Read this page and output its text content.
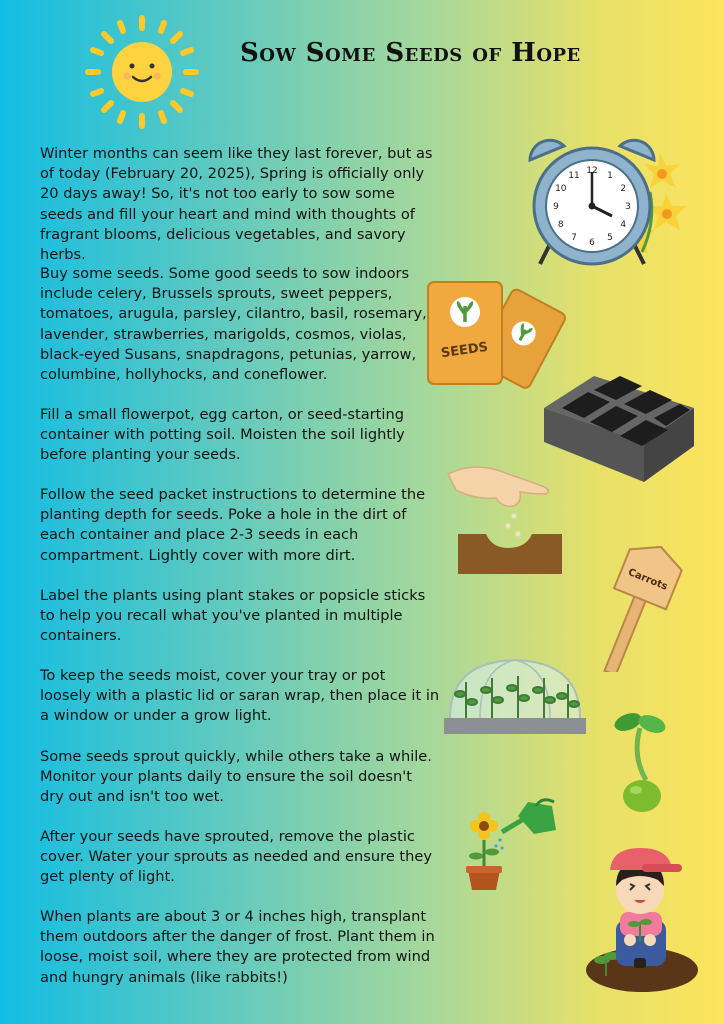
Sow Some Seeds of Hope

Winter months can seem like they last forever, but as of today (February 20, 2025), Spring is officially only 20 days away! So, it's not too early to sow some seeds and fill your heart and mind with thoughts of fragrant blooms, delicious vegetables, and savory herbs.

Buy some seeds. Some good seeds to sow indoors include celery, Brussels sprouts, sweet peppers, tomatoes, arugula, parsley, cilantro, basil, rosemary, lavender, strawberries, marigolds, cosmos, violas, black-eyed Susans, snapdragons, petunias, yarrow, columbine, hollyhocks, and coneflower.

Fill a small flowerpot, egg carton, or seed-starting container with potting soil. Moisten the soil lightly before planting your seeds.

Follow the seed packet instructions to determine the planting depth for seeds. Poke a hole in the dirt of each container and place 2-3 seeds in each compartment. Lightly cover with more dirt.

Label the plants using plant stakes or popsicle sticks to help you recall what you've planted in multiple containers.

To keep the seeds moist, cover your tray or pot loosely with a plastic lid or saran wrap, then place it in a window or under a grow light.

Some seeds sprout quickly, while others take a while. Monitor your plants daily to ensure the soil doesn't dry out and isn't too wet.

After your seeds have sprouted, remove the plastic cover. Water your sprouts as needed and ensure they get plenty of light.

When plants are about 3 or 4 inches high, transplant them outdoors after the danger of frost. Plant them in loose, moist soil, where they are protected from wind and hungry animals (like rabbits!)

12 1
2
3
4
5
6
7
8
9
10
11
SEEDS
Carrots
